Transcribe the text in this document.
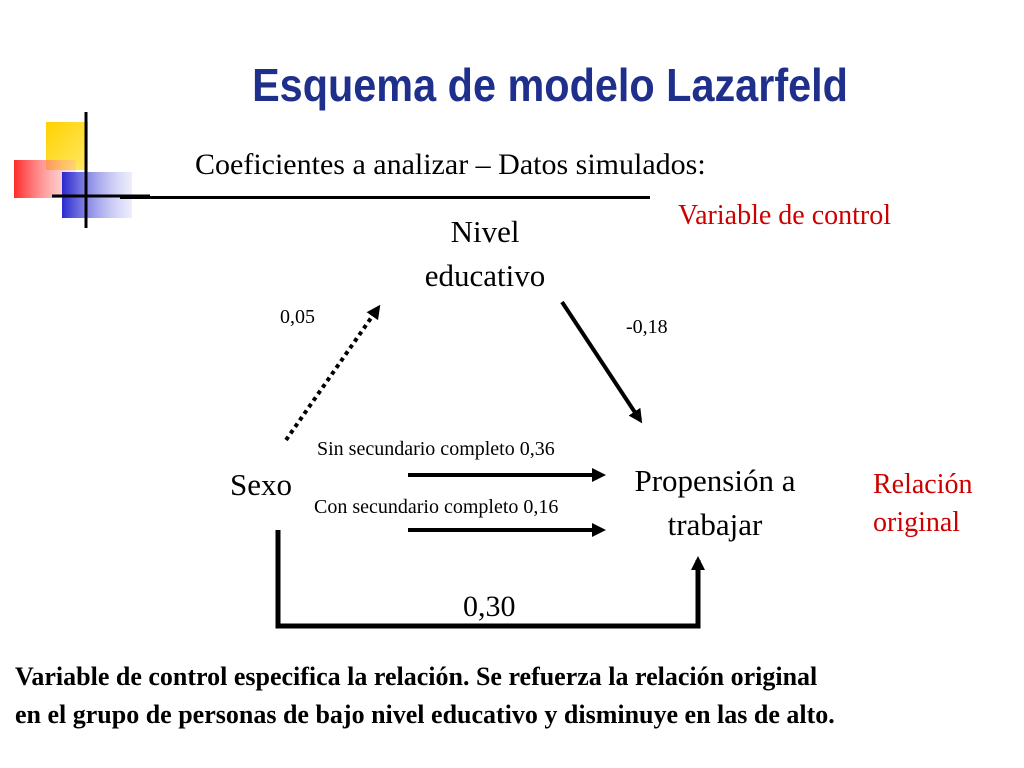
Esquema de modelo Lazarfeld
Coeficientes a analizar – Datos simulados:
Variable de control
Relación
original
Nivel
educativo
Sexo	Propensión a
trabajar
0,05	-0,18
Sin secundario completo 0,36
Con secundario completo 0,16
0,30
Variable de control especifica la relación. Se refuerza la relación original
en el grupo de personas de bajo nivel educativo y disminuye en las de alto.
